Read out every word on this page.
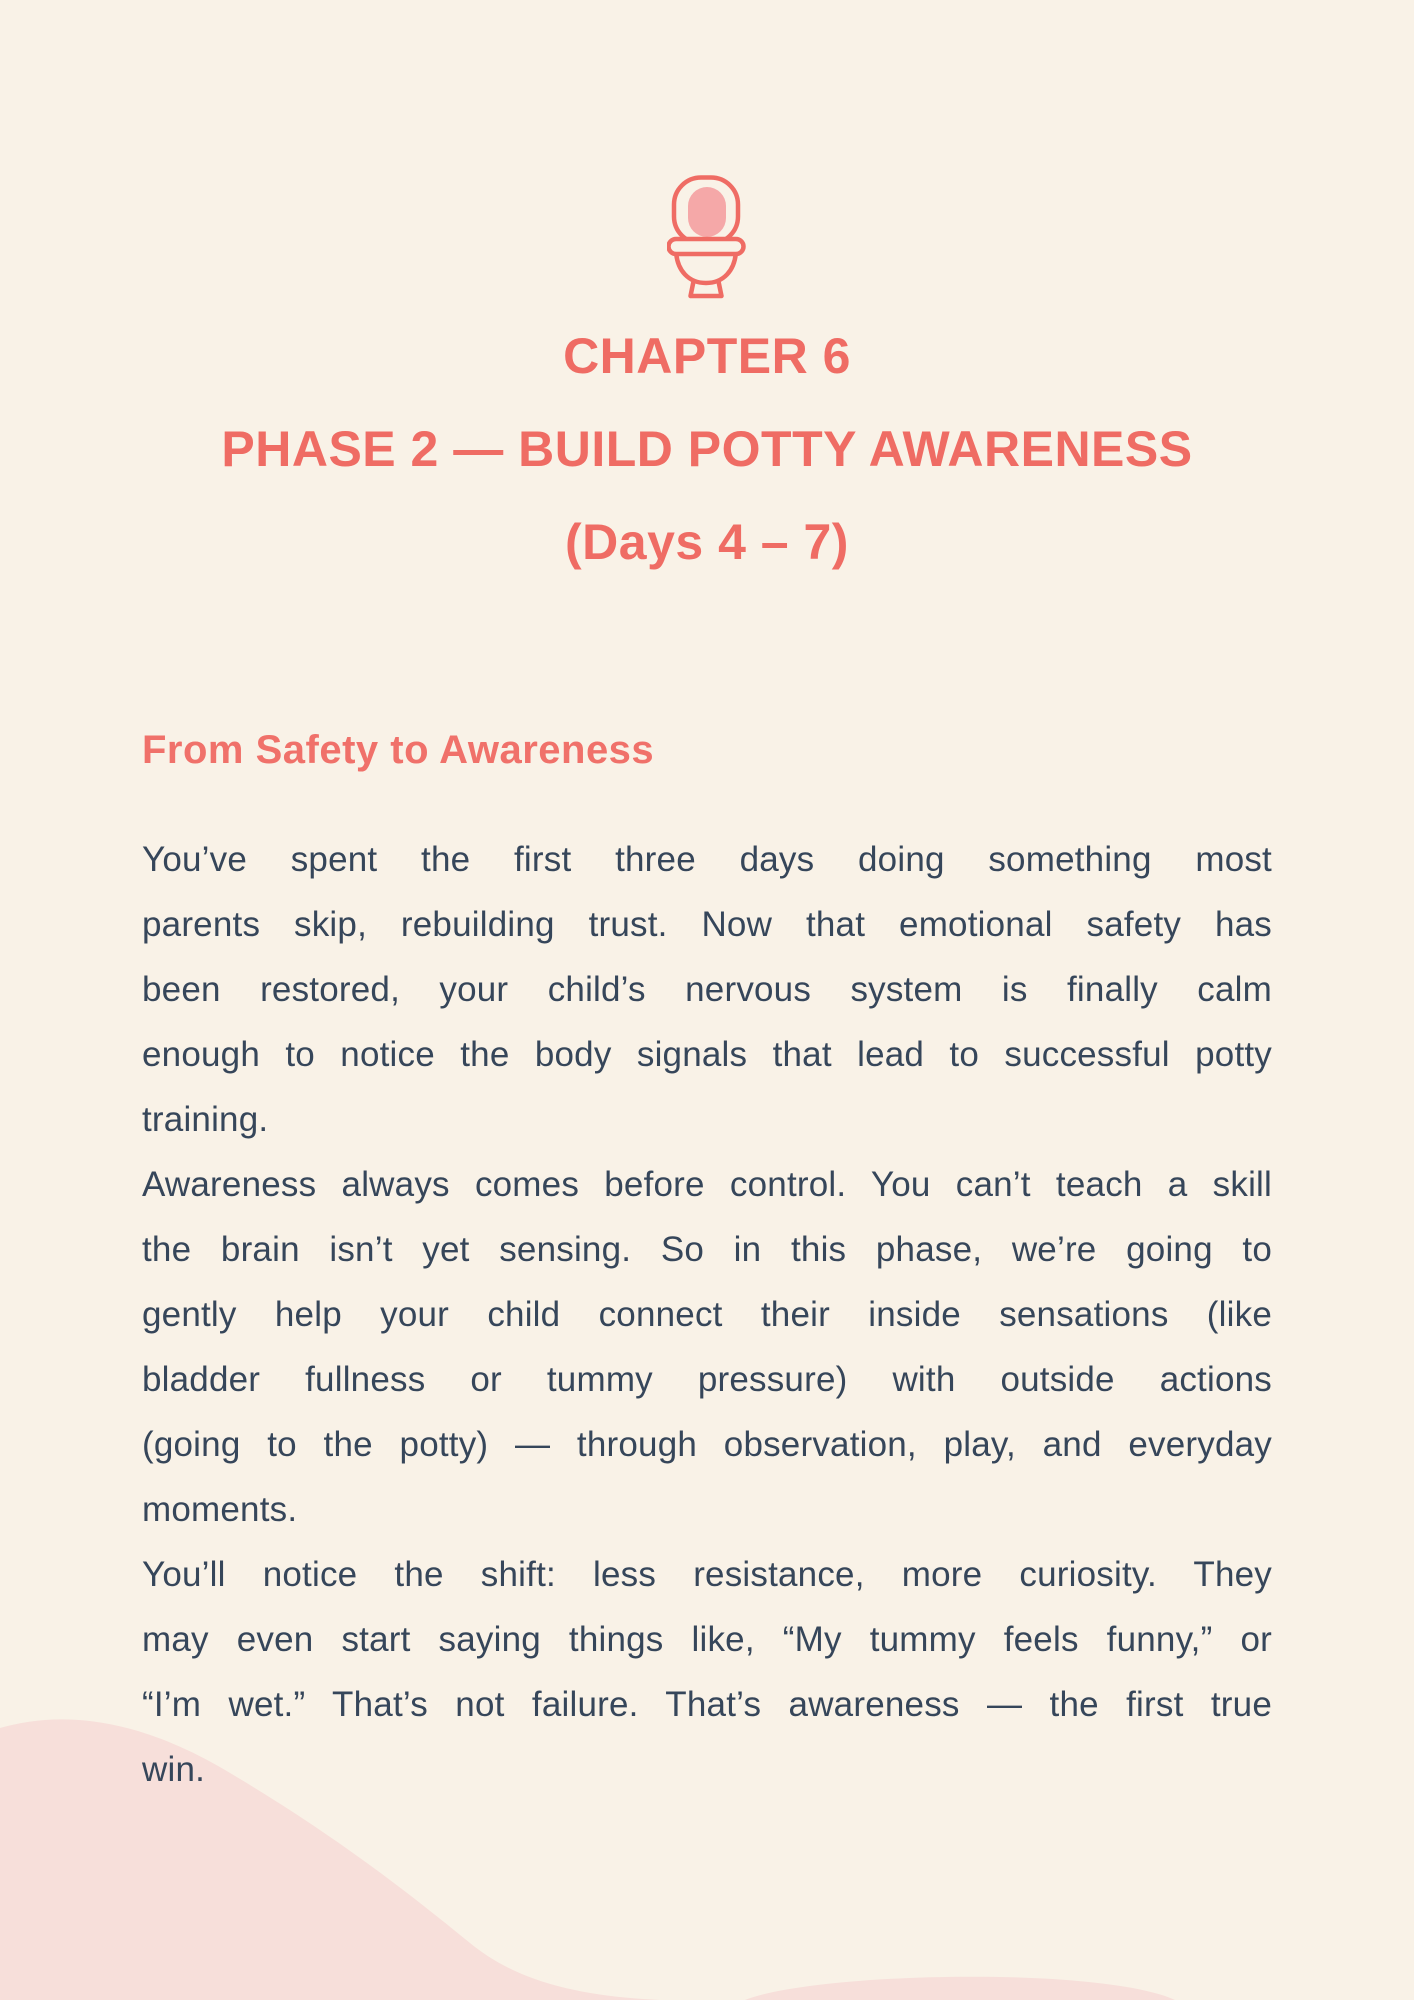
CHAPTER 6
PHASE 2 — BUILD POTTY AWARENESS
(Days 4 – 7)
From Safety to Awareness

You’ve spent the first three days doing something most
parents skip, rebuilding trust. Now that emotional safety has
been restored, your child’s nervous system is finally calm
enough to notice the body signals that lead to successful potty
training.

Awareness always comes before control. You can’t teach a skill
the brain isn’t yet sensing. So in this phase, we’re going to
gently help your child connect their inside sensations (like
bladder fullness or tummy pressure) with outside actions
(going to the potty) — through observation, play, and everyday
moments.

You’ll notice the shift: less resistance, more curiosity. They
may even start saying things like, “My tummy feels funny,” or
“I’m wet.” That’s not failure. That’s awareness — the first true
win.
